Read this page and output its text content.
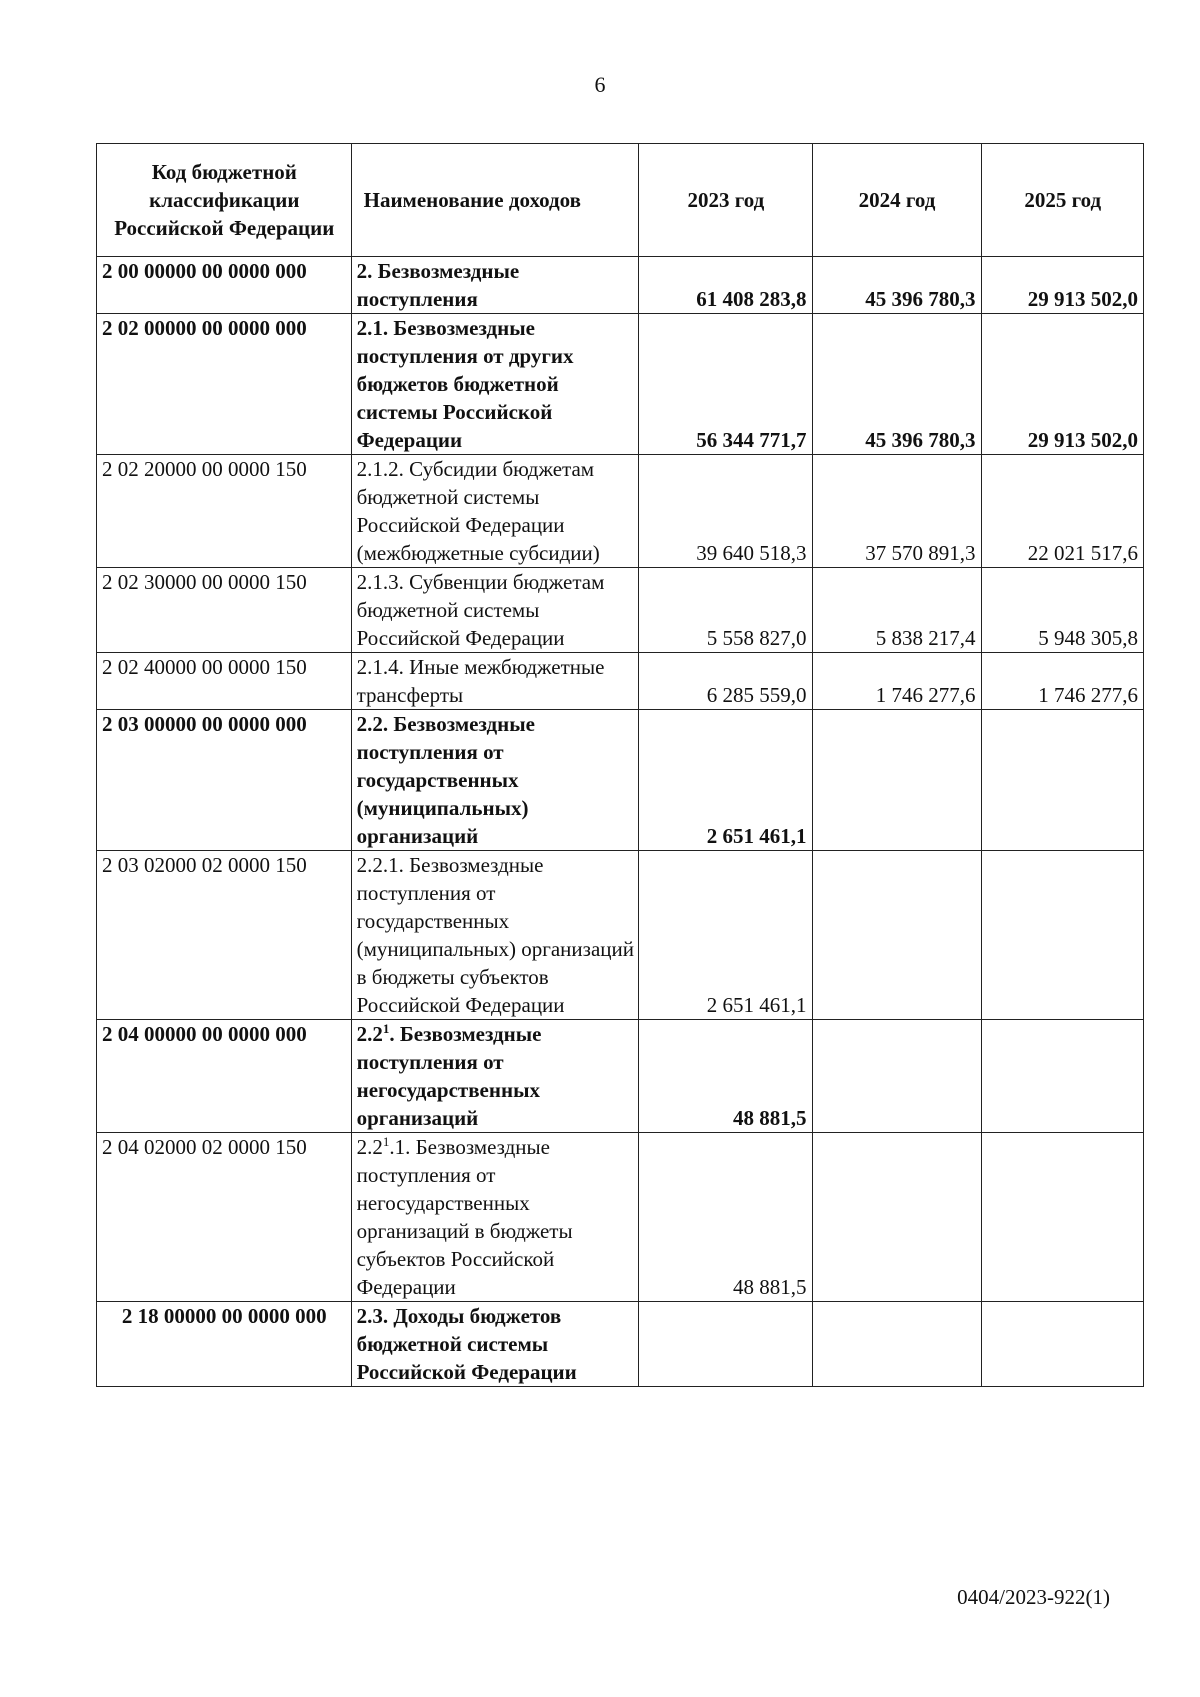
6
Код бюджетной классификации Российской Федерации	Наименование доходов	2023 год	2024 год	2025 год
2 00 00000 00 0000 000	2. Безвозмездные поступления	61 408 283,8	45 396 780,3	29 913 502,0
2 02 00000 00 0000 000	2.1. Безвозмездные поступления от других бюджетов бюджетной системы Российской Федерации	56 344 771,7	45 396 780,3	29 913 502,0
2 02 20000 00 0000 150	2.1.2. Субсидии бюджетам бюджетной системы Российской Федерации (межбюджетные субсидии)	39 640 518,3	37 570 891,3	22 021 517,6
2 02 30000 00 0000 150	2.1.3. Субвенции бюджетам бюджетной системы Российской Федерации	5 558 827,0	5 838 217,4	5 948 305,8
2 02 40000 00 0000 150	2.1.4. Иные межбюджетные трансферты	6 285 559,0	1 746 277,6	1 746 277,6
2 03 00000 00 0000 000	2.2. Безвозмездные поступления от государственных (муниципальных) организаций	2 651 461,1		
2 03 02000 02 0000 150	2.2.1. Безвозмездные поступления от государственных (муниципальных) организаций в бюджеты субъектов Российской Федерации	2 651 461,1		
2 04 00000 00 0000 000	$2.2^1$. Безвозмездные поступления от негосударственных организаций	48 881,5		
2 04 02000 02 0000 150	$2.2^1.1$. Безвозмездные поступления от негосударственных организаций в бюджеты субъектов Российской Федерации	48 881,5		
2 18 00000 00 0000 000	2.3. Доходы бюджетов бюджетной системы Российской Федерации			
0404/2023-922(1)
